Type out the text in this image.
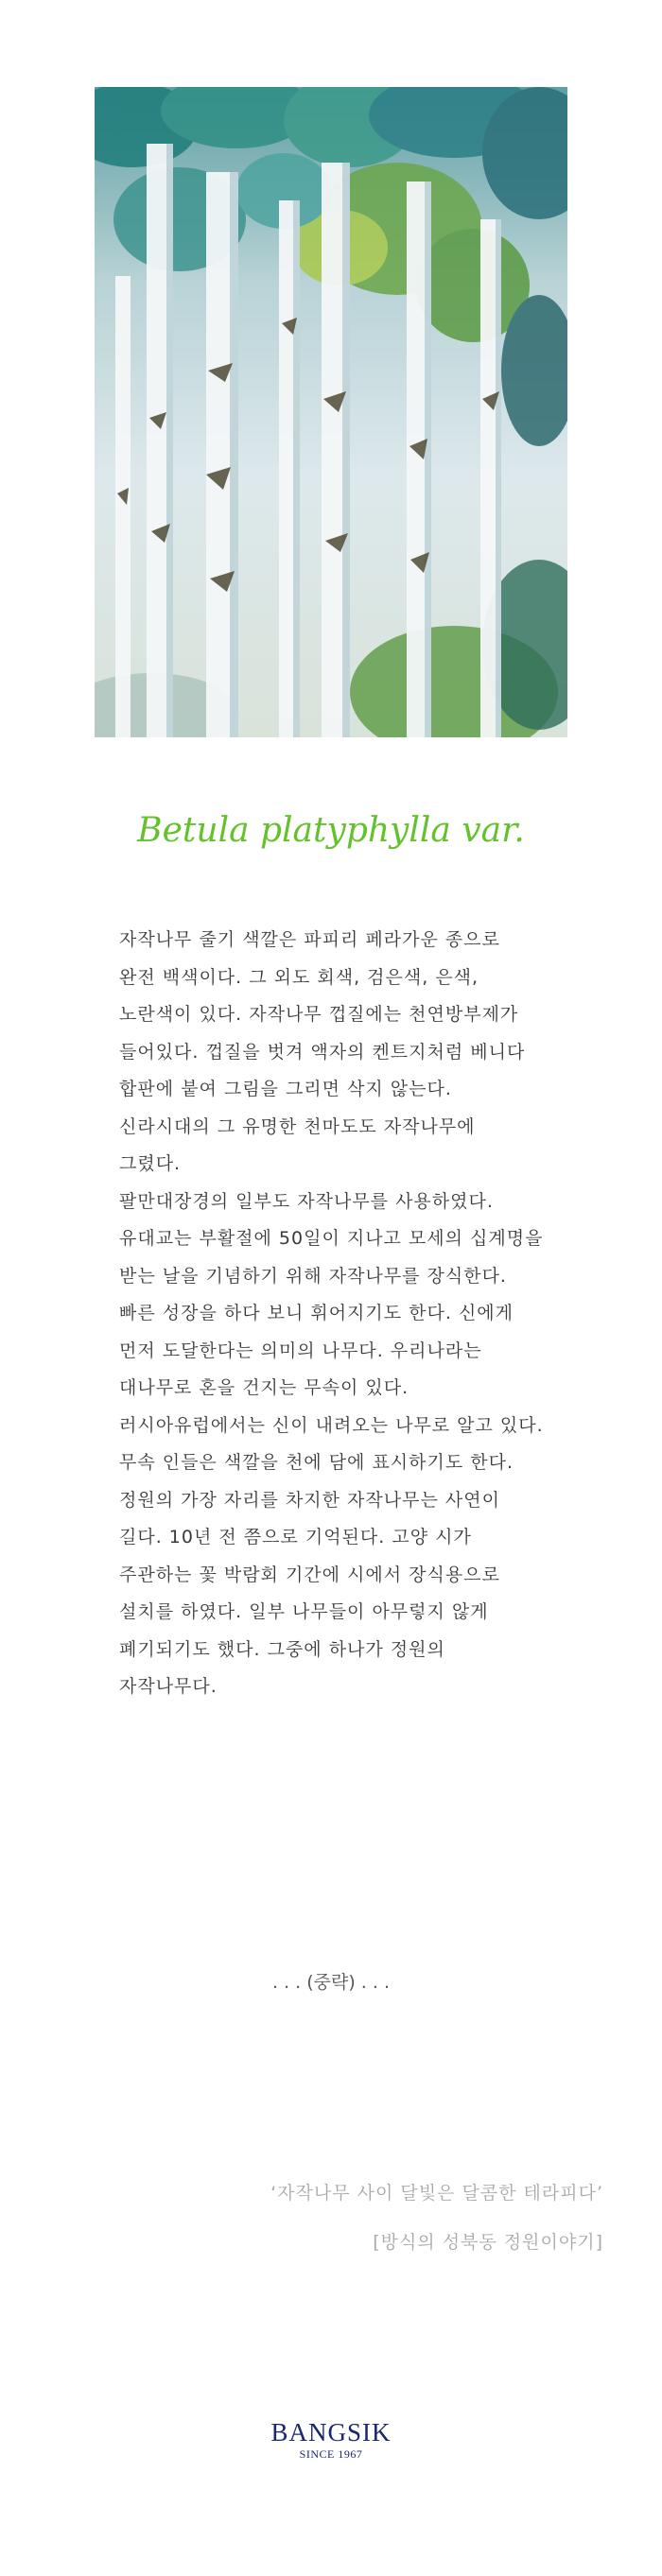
Betula platyphylla var.
자작나무 줄기 색깔은 파피리 페라가운 종으로
완전 백색이다. 그 외도 회색, 검은색, 은색,
노란색이 있다. 자작나무 껍질에는 천연방부제가
들어있다. 껍질을 벗겨 액자의 켄트지처럼 베니다
합판에 붙여 그림을 그리면 삭지 않는다.
신라시대의 그 유명한 천마도도 자작나무에
그렸다.
팔만대장경의 일부도 자작나무를 사용하였다.
유대교는 부활절에 50일이 지나고 모세의 십계명을
받는 날을 기념하기 위해 자작나무를 장식한다.
빠른 성장을 하다 보니 휘어지기도 한다. 신에게
먼저 도달한다는 의미의 나무다. 우리나라는
대나무로 혼을 건지는 무속이 있다.
러시아유럽에서는 신이 내려오는 나무로 알고 있다.
무속 인들은 색깔을 천에 담에 표시하기도 한다.
정원의 가장 자리를 차지한 자작나무는 사연이
길다. 10년 전 쯤으로 기억된다. 고양 시가
주관하는 꽃 박람회 기간에 시에서 장식용으로
설치를 하였다. 일부 나무들이 아무렇지 않게
폐기되기도 했다. 그중에 하나가 정원의
자작나무다.
. . . (중략) . . .
‘자작나무 사이 달빛은 달콤한 테라피다’
[방식의 성북동 정원이야기]
BANGSIK
SINCE 1967
